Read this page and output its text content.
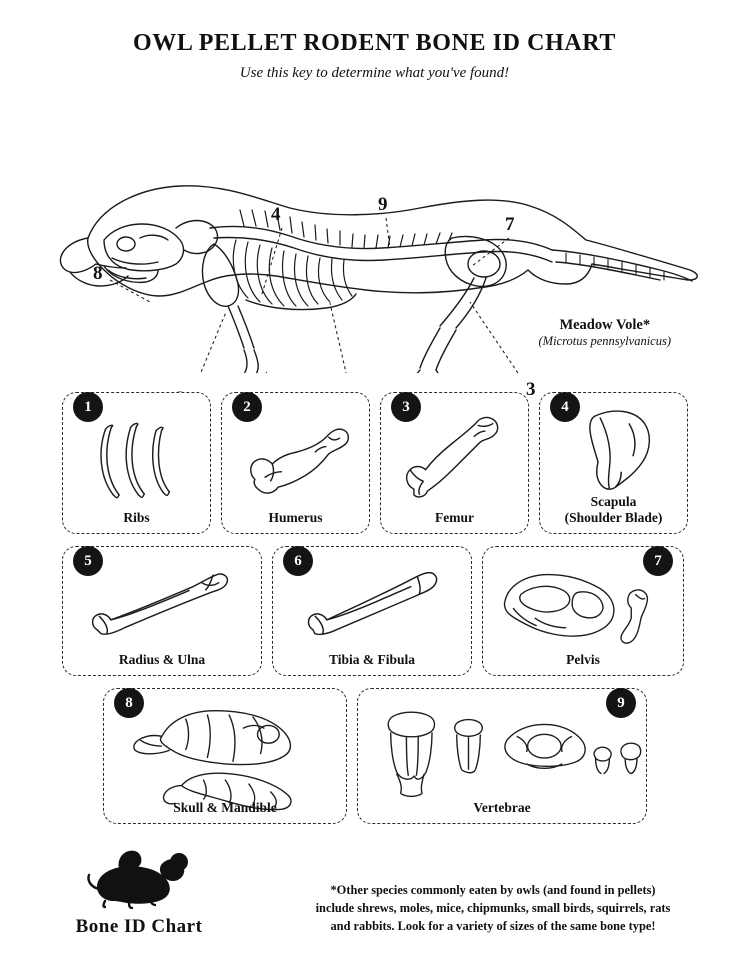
OWL PELLET RODENT BONE ID CHART
Use this key to determine what you've found!
3
4	7
8
9
Meadow Vole*
(Microtus pennsylvanicus)
1
Ribs
2
Humerus
3
Femur
4
Scapula
(Shoulder Blade)
5
Radius & Ulna
6
Tibia & Fibula
7
Pelvis
8
Skull & Mandible
9
Vertebrae
Bone ID Chart
*Other species commonly eaten by owls (and found in pellets)
include shrews, moles, mice, chipmunks, small birds, squirrels, rats
and rabbits. Look for a variety of sizes of the same bone type!
